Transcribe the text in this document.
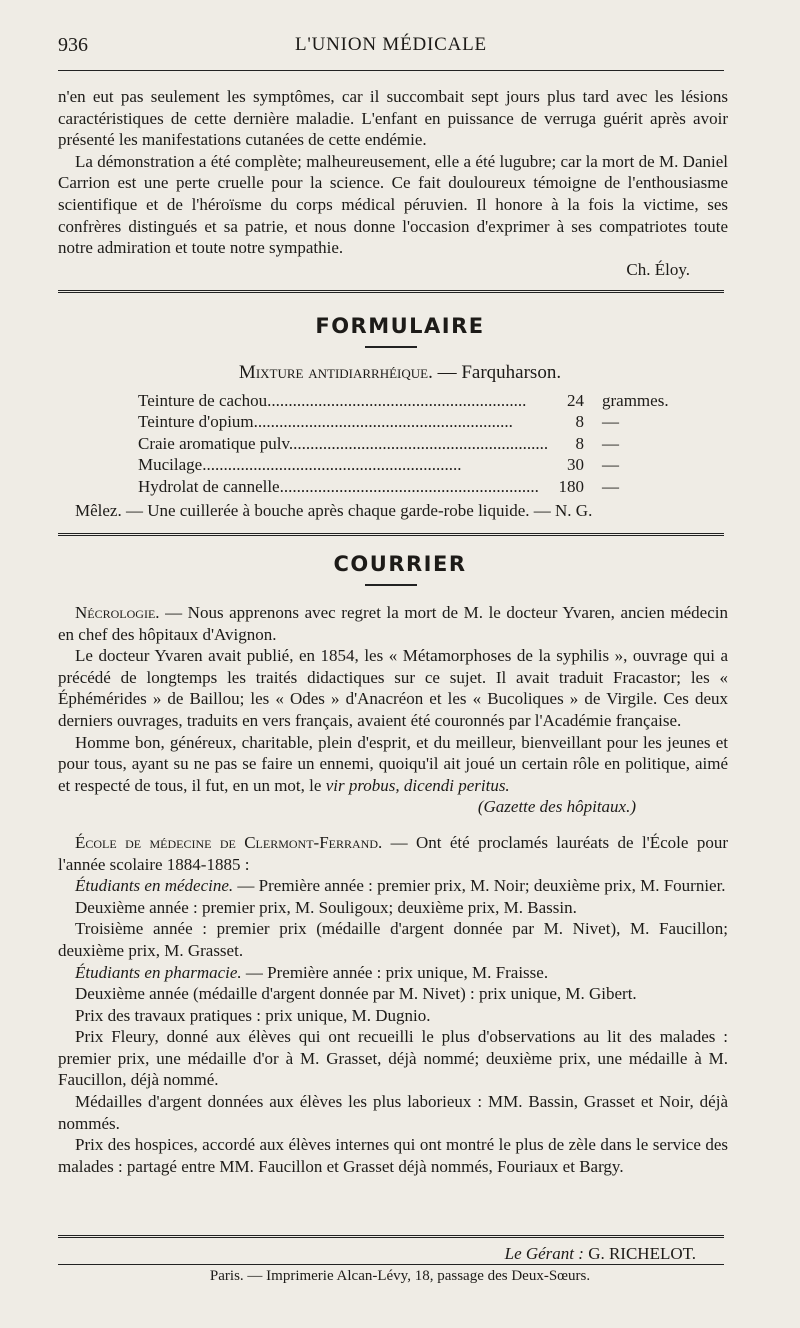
936	L'UNION MÉDICALE

n'en eut pas seulement les symptômes, car il succombait sept jours plus tard avec les lésions caractéristiques de cette dernière maladie. L'enfant en puissance de verruga guérit après avoir présenté les manifestations cutanées de cette endémie.

La démonstration a été complète; malheureusement, elle a été lugubre; car la mort de M. Daniel Carrion est une perte cruelle pour la science. Ce fait douloureux témoigne de l'enthousiasme scientifique et de l'héroïsme du corps médical péruvien. Il honore à la fois la victime, ses confrères distingués et sa patrie, et nous donne l'occasion d'exprimer à ses compatriotes toute notre admiration et toute notre sympathie.

Ch. Éloy.
FORMULAIRE
Mixture antidiarrhéique. — Farquharson.
Teinture de cachou.............................................................	24	grammes.
Teinture d'opium.............................................................	8	—
Craie aromatique pulv.............................................................	8	—
Mucilage.............................................................	30	—
Hydrolat de cannelle.............................................................	180	—
Mêlez. — Une cuillerée à bouche après chaque garde-robe liquide. — N. G.
COURRIER

Nécrologie. — Nous apprenons avec regret la mort de M. le docteur Yvaren, ancien médecin en chef des hôpitaux d'Avignon.

Le docteur Yvaren avait publié, en 1854, les « Métamorphoses de la syphilis », ouvrage qui a précédé de longtemps les traités didactiques sur ce sujet. Il avait traduit Fracastor; les « Éphémérides » de Baillou; les « Odes » d'Anacréon et les « Bucoliques » de Virgile. Ces deux derniers ouvrages, traduits en vers français, avaient été couronnés par l'Académie française.

Homme bon, généreux, charitable, plein d'esprit, et du meilleur, bienveillant pour les jeunes et pour tous, ayant su ne pas se faire un ennemi, quoiqu'il ait joué un certain rôle en politique, aimé et respecté de tous, il fut, en un mot, le vir probus, dicendi peritus.

(Gazette des hôpitaux.)

École de médecine de Clermont-Ferrand. — Ont été proclamés lauréats de l'École pour l'année scolaire 1884-1885 :

Étudiants en médecine. — Première année : premier prix, M. Noir; deuxième prix, M. Fournier.

Deuxième année : premier prix, M. Souligoux; deuxième prix, M. Bassin.

Troisième année : premier prix (médaille d'argent donnée par M. Nivet), M. Faucillon; deuxième prix, M. Grasset.

Étudiants en pharmacie. — Première année : prix unique, M. Fraisse.

Deuxième année (médaille d'argent donnée par M. Nivet) : prix unique, M. Gibert.

Prix des travaux pratiques : prix unique, M. Dugnio.

Prix Fleury, donné aux élèves qui ont recueilli le plus d'observations au lit des malades : premier prix, une médaille d'or à M. Grasset, déjà nommé; deuxième prix, une médaille à M. Faucillon, déjà nommé.

Médailles d'argent données aux élèves les plus laborieux : MM. Bassin, Grasset et Noir, déjà nommés.

Prix des hospices, accordé aux élèves internes qui ont montré le plus de zèle dans le service des malades : partagé entre MM. Faucillon et Grasset déjà nommés, Fouriaux et Bargy.

Le Gérant : G. RICHELOT.
Paris. — Imprimerie Alcan-Lévy, 18, passage des Deux-Sœurs.
